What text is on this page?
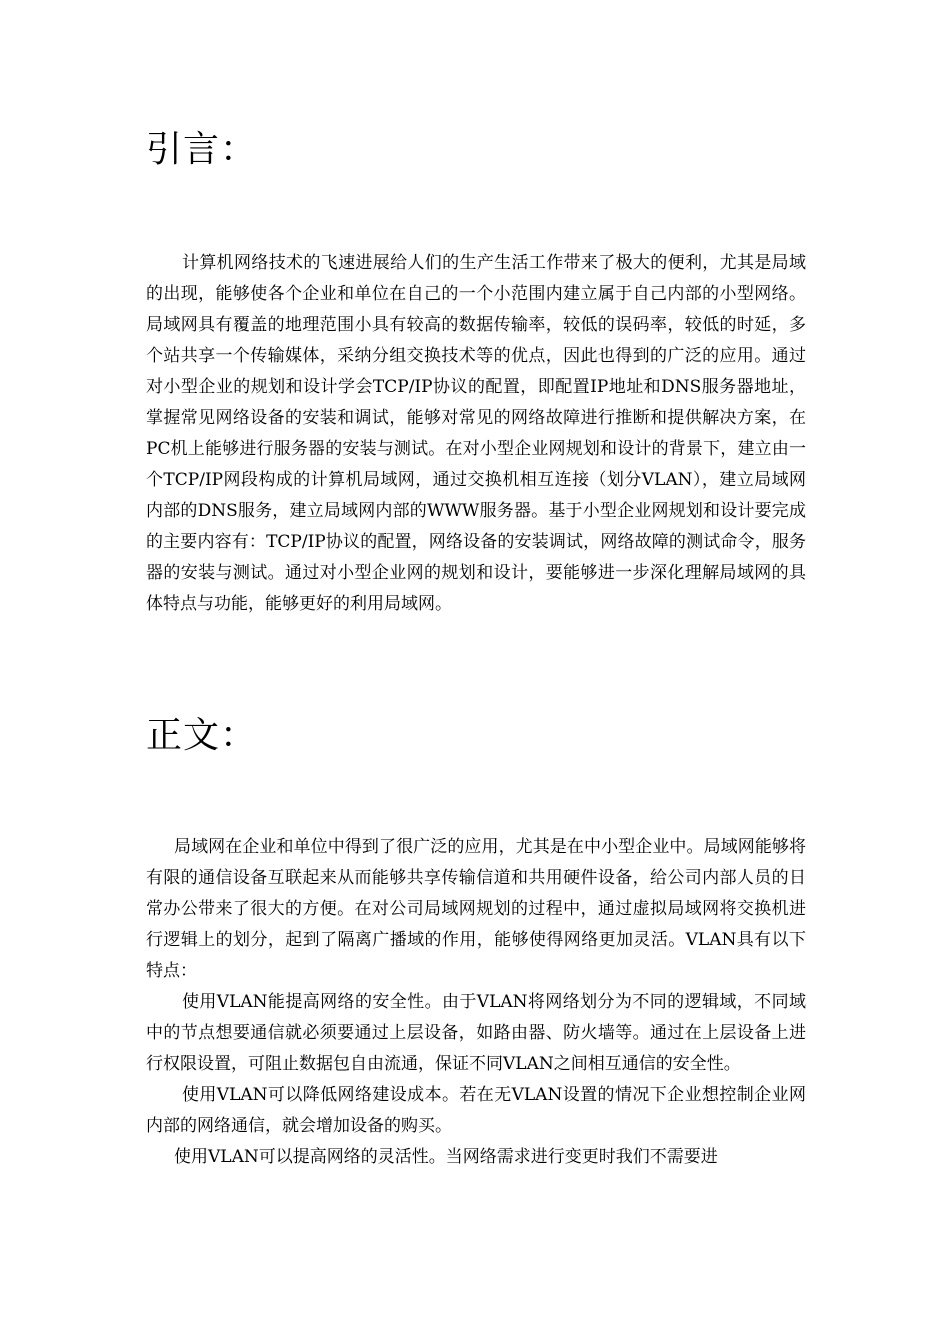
引言：

计算机网络技术的飞速进展给人们的生产生活工作带来了极大的便利，尤其是局域的出现，能够使各个企业和单位在自己的一个小范围内建立属于自己内部的小型网络。局域网具有覆盖的地理范围小具有较高的数据传输率，较低的误码率，较低的时延，多个站共享一个传输媒体，采纳分组交换技术等的优点，因此也得到的广泛的应用。通过对小型企业的规划和设计学会TCP/IP协议的配置，即配置IP地址和DNS服务器地址，掌握常见网络设备的安装和调试，能够对常见的网络故障进行推断和提供解决方案，在PC机上能够进行服务器的安装与测试。在对小型企业网规划和设计的背景下，建立由一个TCP/IP网段构成的计算机局域网，通过交换机相互连接（划分VLAN），建立局域网内部的DNS服务，建立局域网内部的WWW服务器。基于小型企业网规划和设计要完成的主要内容有：TCP/IP协议的配置，网络设备的安装调试，网络故障的测试命令，服务器的安装与测试。通过对小型企业网的规划和设计，要能够进一步深化理解局域网的具体特点与功能，能够更好的利用局域网。

正文：

局域网在企业和单位中得到了很广泛的应用，尤其是在中小型企业中。局域网能够将有限的通信设备互联起来从而能够共享传输信道和共用硬件设备，给公司内部人员的日常办公带来了很大的方便。在对公司局域网规划的过程中，通过虚拟局域网将交换机进行逻辑上的划分，起到了隔离广播域的作用，能够使得网络更加灵活。VLAN具有以下特点：

使用VLAN能提高网络的安全性。由于VLAN将网络划分为不同的逻辑域，不同域中的节点想要通信就必须要通过上层设备，如路由器、防火墙等。通过在上层设备上进行权限设置，可阻止数据包自由流通，保证不同VLAN之间相互通信的安全性。

使用VLAN可以降低网络建设成本。若在无VLAN设置的情况下企业想控制企业网内部的网络通信，就会增加设备的购买。

使用VLAN可以提高网络的灵活性。当网络需求进行变更时我们不需要进
